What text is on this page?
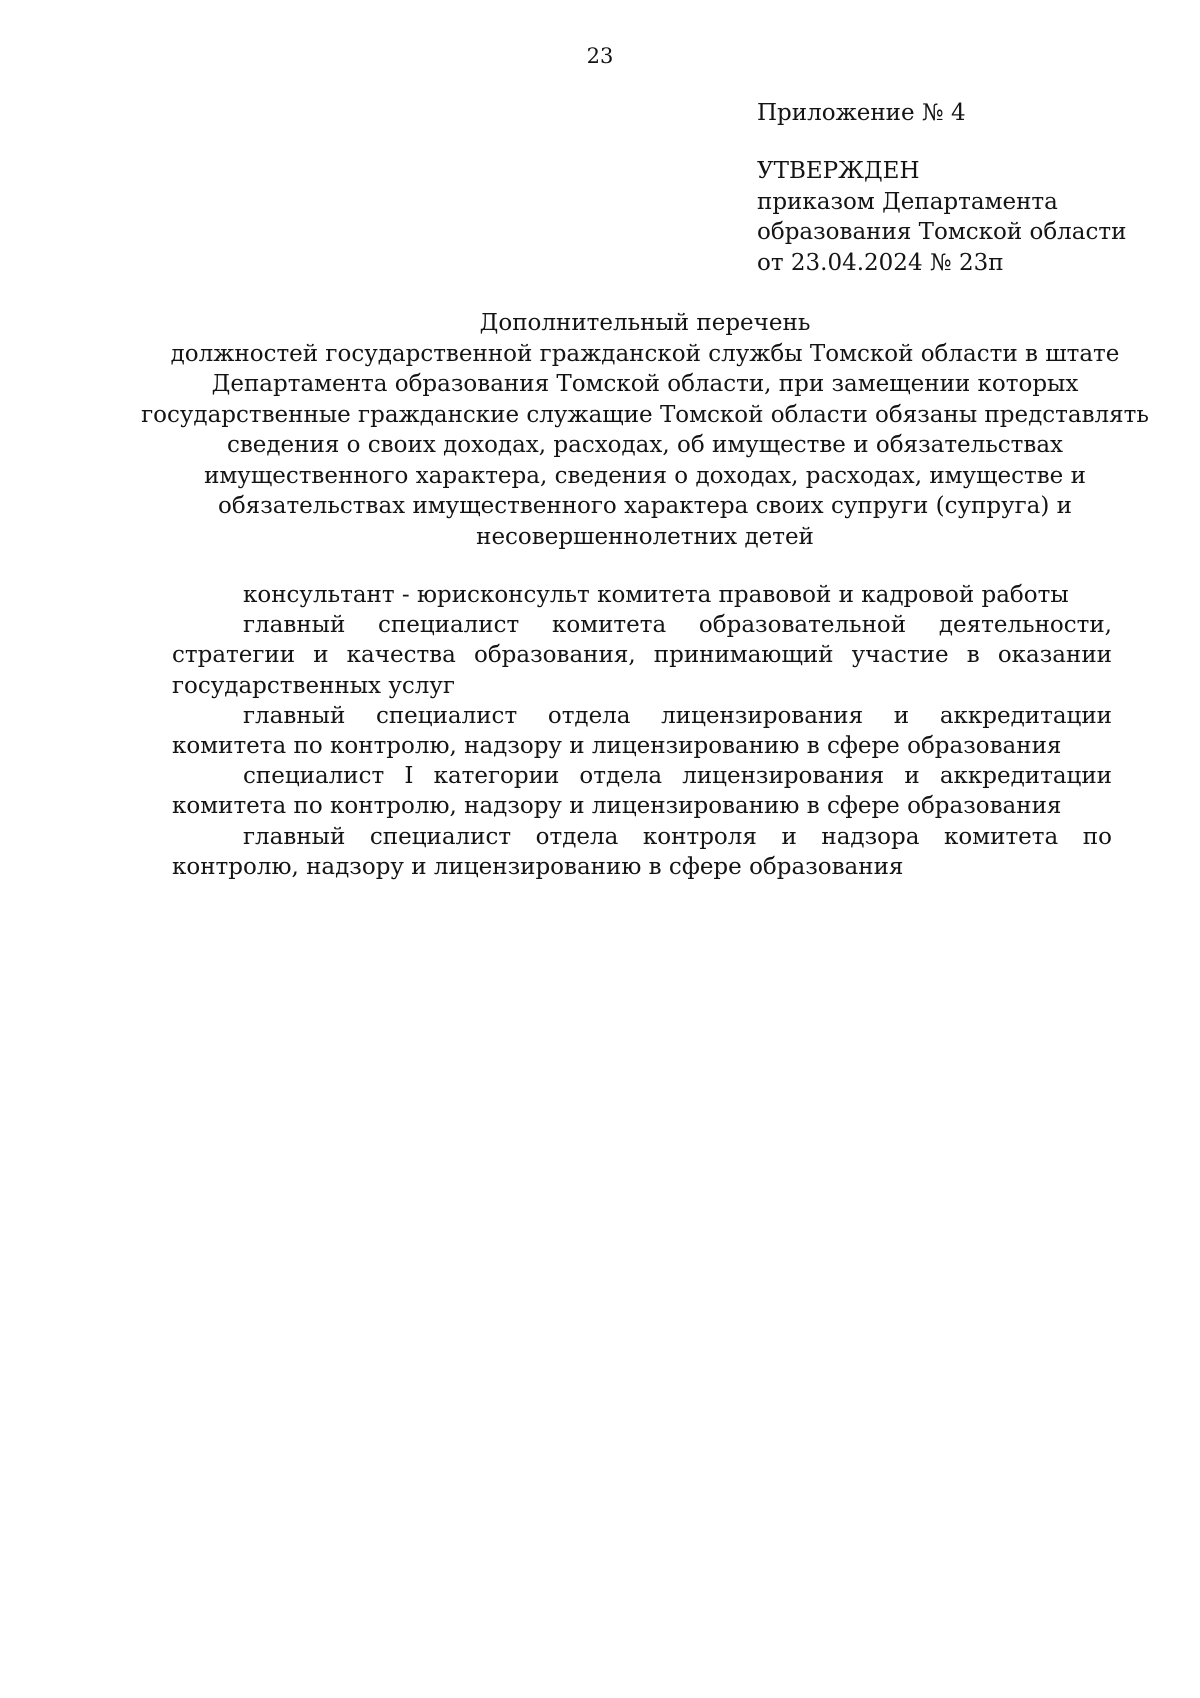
23
Приложение № 4
УТВЕРЖДЕН
приказом Департамента
образования Томской области
от 23.04.2024 № 23п
Дополнительный перечень
должностей государственной гражданской службы Томской области в штате
Департамента образования Томской области, при замещении которых
государственные гражданские служащие Томской области обязаны представлять
сведения о своих доходах, расходах, об имуществе и обязательствах
имущественного характера, сведения о доходах, расходах, имуществе и
обязательствах имущественного характера своих супруги (супруга) и
несовершеннолетних детей

консультант - юрисконсульт комитета правовой и кадровой работы

главный специалист комитета образовательной деятельности, стратегии и качества образования, принимающий участие в оказании государственных услуг

главный специалист отдела лицензирования и аккредитации комитета по контролю, надзору и лицензированию в сфере образования

специалист I категории отдела лицензирования и аккредитации комитета по контролю, надзору и лицензированию в сфере образования

главный специалист отдела контроля и надзора комитета по контролю, надзору и лицензированию в сфере образования
